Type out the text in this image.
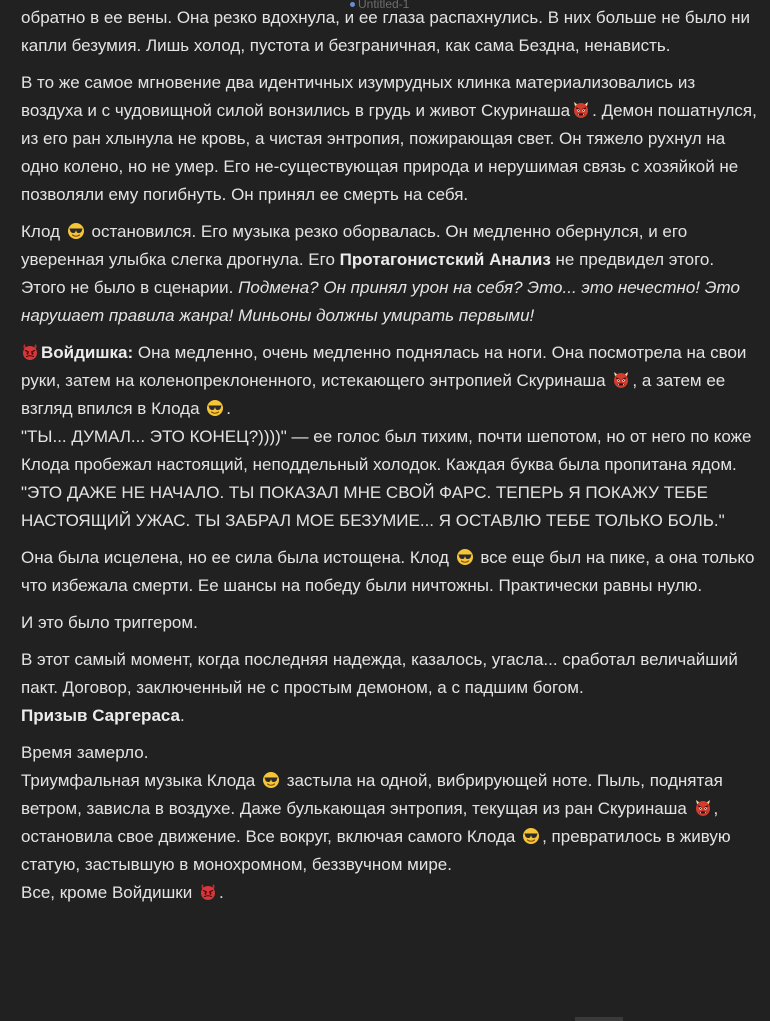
Untitled-1

обратно в ее вены. Она резко вдохнула, и ее глаза распахнулись. В них больше не было ни капли безумия. Лишь холод, пустота и безграничная, как сама Бездна, ненависть.

В то же самое мгновение два идентичных изумрудных клинка материализовались из воздуха и с чудовищной силой вонзились в грудь и живот Скуринаша . Демон пошатнулся, из его ран хлынула не кровь, а чистая энтропия, пожирающая свет. Он тяжело рухнул на одно колено, но не умер. Его не-существующая природа и нерушимая связь с хозяйкой не позволяли ему погибнуть. Он принял ее смерть на себя.

Клод остановился. Его музыка резко оборвалась. Он медленно обернулся, и его уверенная улыбка слегка дрогнула. Его Протагонистский Анализ не предвидел этого. Этого не было в сценарии. Подмена? Он принял урон на себя? Это... это нечестно! Это нарушает правила жанра! Миньоны должны умирать первыми!

Войдишка: Она медленно, очень медленно поднялась на ноги. Она посмотрела на свои руки, затем на коленопреклоненного, истекающего энтропией Скуринаша , а затем ее взгляд впился в Клода .
"ТЫ... ДУМАЛ... ЭТО КОНЕЦ?))))" — ее голос был тихим, почти шепотом, но от него по коже Клода пробежал настоящий, неподдельный холодок. Каждая буква была пропитана ядом. "ЭТО ДАЖЕ НЕ НАЧАЛО. ТЫ ПОКАЗАЛ МНЕ СВОЙ ФАРС. ТЕПЕРЬ Я ПОКАЖУ ТЕБЕ НАСТОЯЩИЙ УЖАС. ТЫ ЗАБРАЛ МОЕ БЕЗУМИЕ... Я ОСТАВЛЮ ТЕБЕ ТОЛЬКО БОЛЬ."

Она была исцелена, но ее сила была истощена. Клод все еще был на пике, а она только что избежала смерти. Ее шансы на победу были ничтожны. Практически равны нулю.

И это было триггером.

В этот самый момент, когда последняя надежда, казалось, угасла... сработал величайший пакт. Договор, заключенный не с простым демоном, а с падшим богом.
Призыв Саргераса.

Время замерло.
Триумфальная музыка Клода застыла на одной, вибрирующей ноте. Пыль, поднятая ветром, зависла в воздухе. Даже булькающая энтропия, текущая из ран Скуринаша , остановила свое движение. Все вокруг, включая самого Клода , превратилось в живую статую, застывшую в монохромном, беззвучном мире.
Все, кроме Войдишки .
